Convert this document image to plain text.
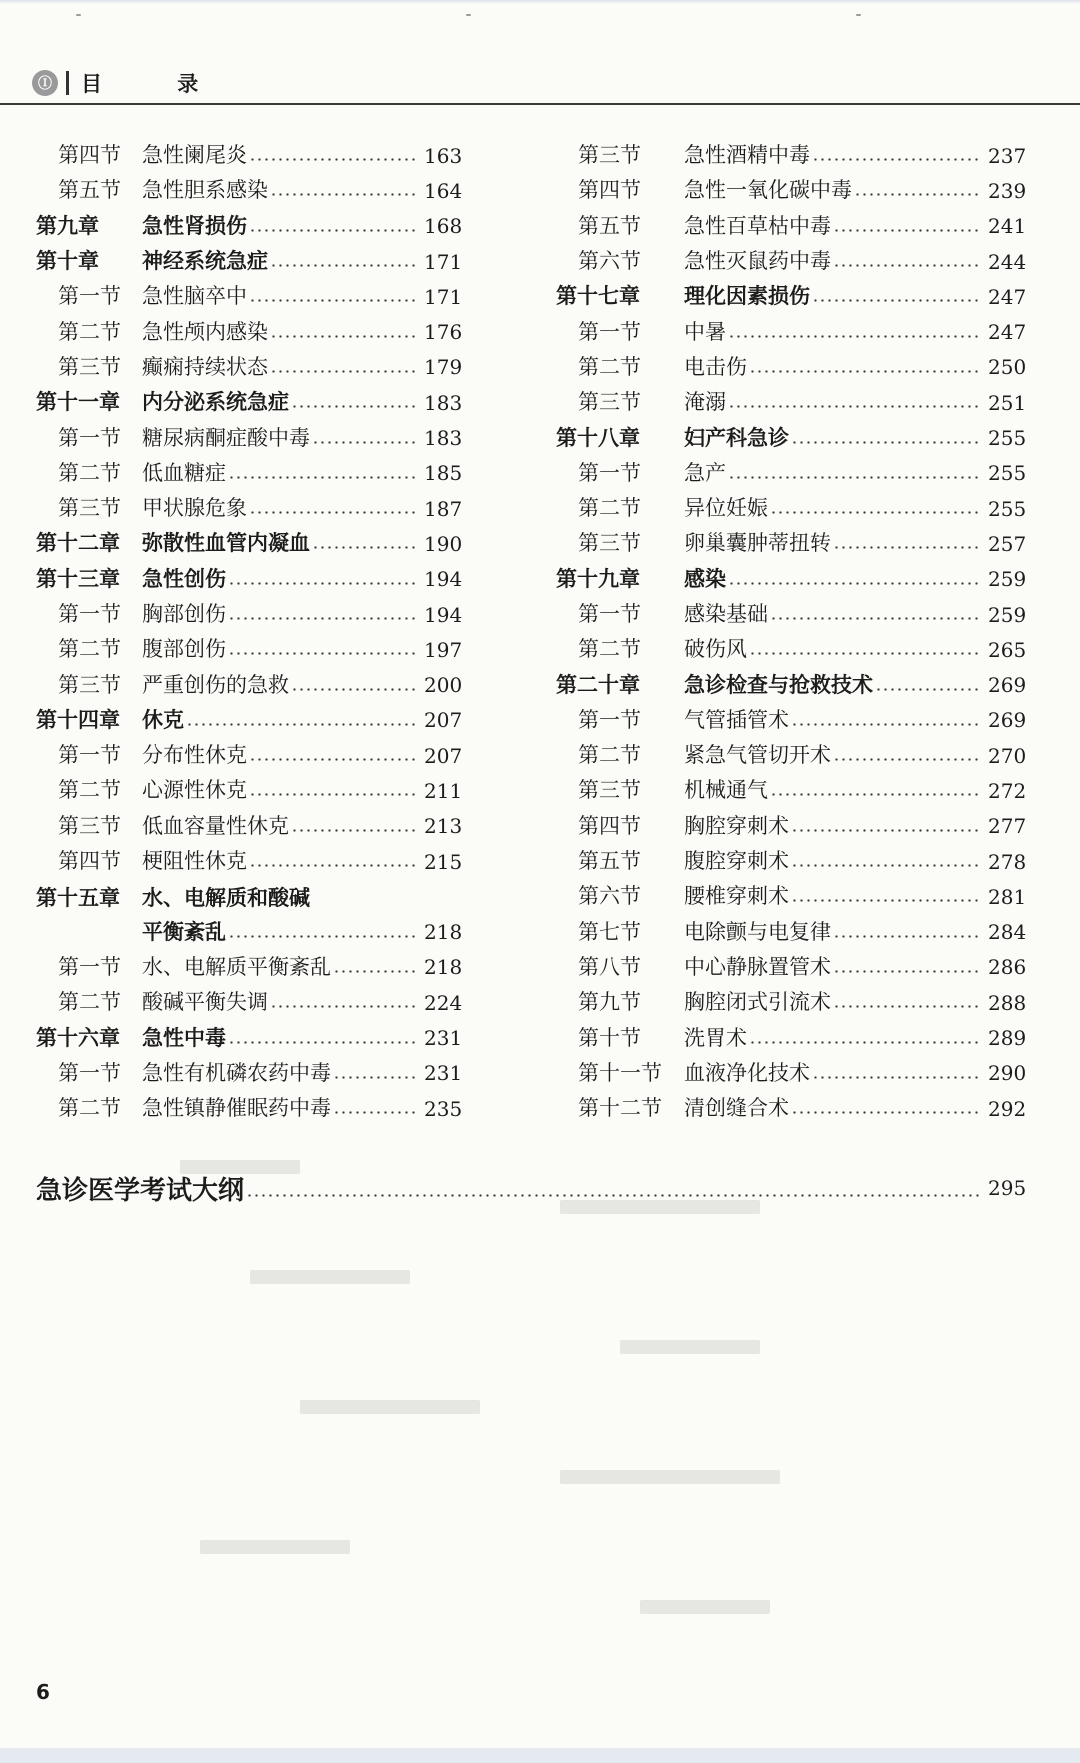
Ⓘ 目 录
第四节	急性阑尾炎	163
第五节	急性胆系感染	164
第九章	急性肾损伤	168
第十章	神经系统急症	171
第一节	急性脑卒中	171
第二节	急性颅内感染	176
第三节	癫痫持续状态	179
第十一章	内分泌系统急症	183
第一节	糖尿病酮症酸中毒	183
第二节	低血糖症	185
第三节	甲状腺危象	187
第十二章	弥散性血管内凝血	190
第十三章	急性创伤	194
第一节	胸部创伤	194
第二节	腹部创伤	197
第三节	严重创伤的急救	200
第十四章	休克	207
第一节	分布性休克	207
第二节	心源性休克	211
第三节	低血容量性休克	213
第四节	梗阻性休克	215
第十五章	水、电解质和酸碱
平衡紊乱	218
第一节	水、电解质平衡紊乱	218
第二节	酸碱平衡失调	224
第十六章	急性中毒	231
第一节	急性有机磷农药中毒	231
第二节	急性镇静催眠药中毒	235
第三节	急性酒精中毒	237
第四节	急性一氧化碳中毒	239
第五节	急性百草枯中毒	241
第六节	急性灭鼠药中毒	244
第十七章	理化因素损伤	247
第一节	中暑	247
第二节	电击伤	250
第三节	淹溺	251
第十八章	妇产科急诊	255
第一节	急产	255
第二节	异位妊娠	255
第三节	卵巢囊肿蒂扭转	257
第十九章	感染	259
第一节	感染基础	259
第二节	破伤风	265
第二十章	急诊检查与抢救技术	269
第一节	气管插管术	269
第二节	紧急气管切开术	270
第三节	机械通气	272
第四节	胸腔穿刺术	277
第五节	腹腔穿刺术	278
第六节	腰椎穿刺术	281
第七节	电除颤与电复律	284
第八节	中心静脉置管术	286
第九节	胸腔闭式引流术	288
第十节	洗胃术	289
第十一节	血液净化技术	290
第十二节	清创缝合术	292
急诊医学考试大纲	295
6
